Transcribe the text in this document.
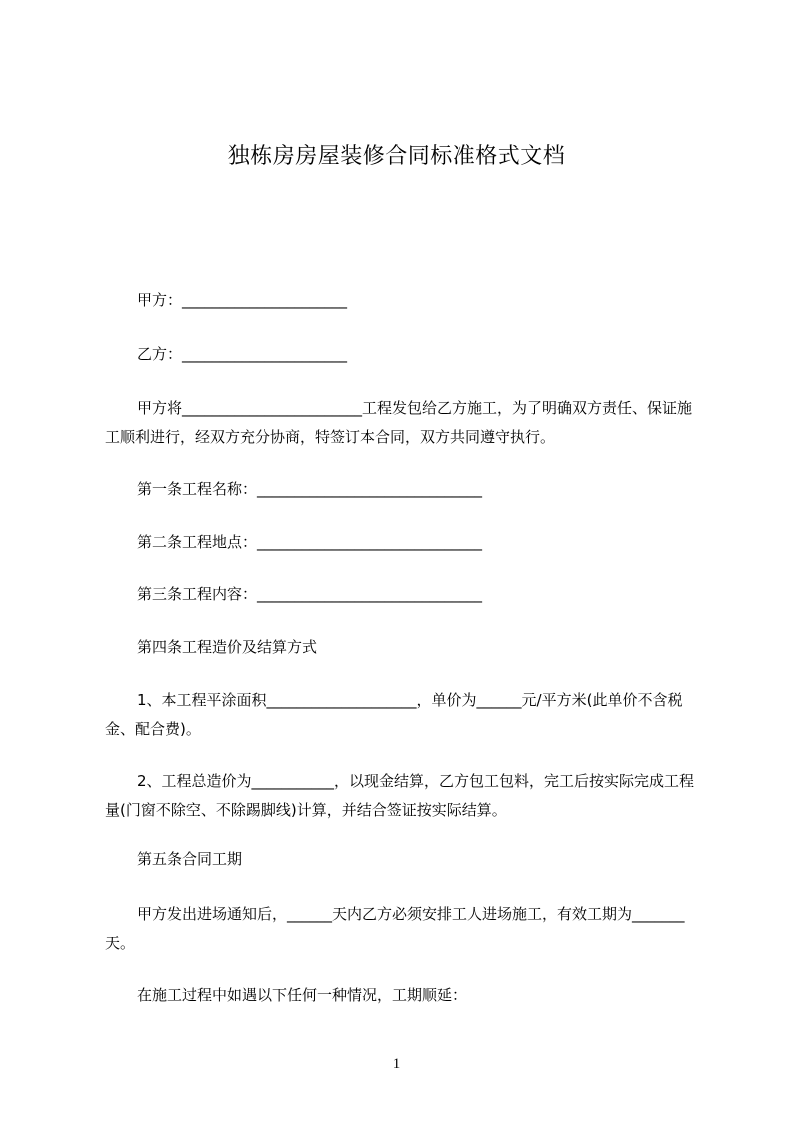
独栋房房屋装修合同标准格式文档
甲方：______________________
乙方：______________________
甲方将________________________工程发包给乙方施工，为了明确双方责任、保证施工顺利进行，经双方充分协商，特签订本合同，双方共同遵守执行。
第一条工程名称：______________________________
第二条工程地点：______________________________
第三条工程内容：______________________________
第四条工程造价及结算方式
1、本工程平涂面积____________________，单价为______元/平方米(此单价不含税金、配合费)。
2、工程总造价为___________，以现金结算，乙方包工包料，完工后按实际完成工程量(门窗不除空、不除踢脚线)计算，并结合签证按实际结算。
第五条合同工期
甲方发出进场通知后，______天内乙方必须安排工人进场施工，有效工期为_______天。
在施工过程中如遇以下任何一种情况，工期顺延：
1
